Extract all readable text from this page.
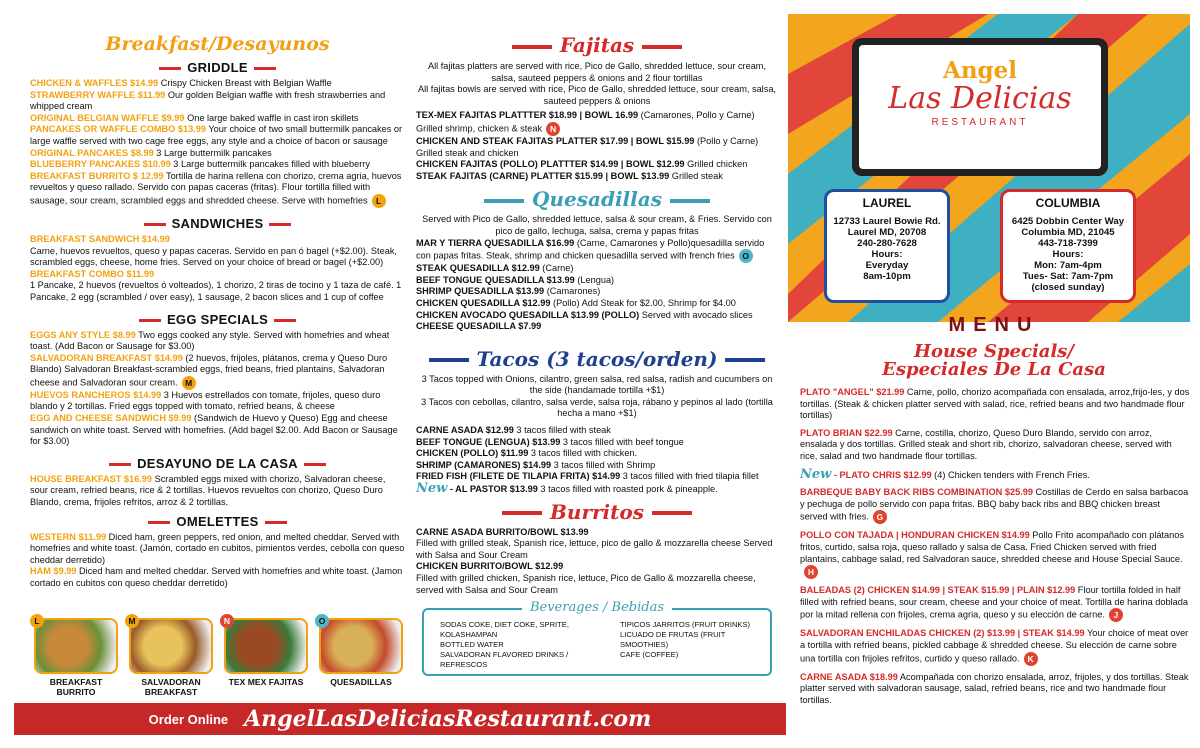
Breakfast/Desayunos
GRIDDLE

CHICKEN & WAFFLES $14.99 Crispy Chicken Breast with Belgian Waffle

STRAWBERRY WAFFLE $11.99 Our golden Belgian waffle with fresh strawberries and whipped cream

ORIGINAL BELGIAN WAFFLE $9.99 One large baked waffle in cast iron skillets

PANCAKES OR WAFFLE COMBO $13.99 Your choice of two small buttermilk pancakes or large waffle served with two cage free eggs, any style and a choice of bacon or sausage

ORIGINAL PANCAKES $8.99 3 Large buttermilk pancakes

BLUEBERRY PANCAKES $10.99 3 Large buttermilk pancakes filled with blueberry

BREAKFAST BURRITO $ 12.99 Tortilla de harina rellena con chorizo, crema agria, huevos revueltos y queso rallado. Servido con papas caceras (fritas). Flour tortilla filled with sausage, sour cream, scrambled eggs and shredded cheese. Serve with homefries L

SANDWICHES

BREAKFAST SANDWICH $14.99
Carne, huevos revueltos, queso y papas caceras. Servido en pan ó bagel (+$2.00). Steak, scrambled eggs, cheese, home fries. Served on your choice of bread or bagel (+$2.00)

BREAKFAST COMBO $11.99
1 Pancake, 2 huevos (revueltos ó volteados), 1 chorizo, 2 tiras de tocino y 1 taza de café. 1 Pancake, 2 egg (scrambled / over easy), 1 sausage, 2 bacon slices and 1 cup of coffee

EGG SPECIALS

EGGS ANY STYLE $8.99 Two eggs cooked any style. Served with homefries and wheat toast. (Add Bacon or Sausage for $3.00)

SALVADORAN BREAKFAST $14.99 (2 huevos, frijoles, plátanos, crema y Queso Duro Blando) Salvadoran Breakfast-scrambled eggs, fried beans, fried plantains, Salvadoran cheese and Salvadoran sour cream. M

HUEVOS RANCHEROS $14.99 3 Huevos estrellados con tomate, frijoles, queso duro blando y 2 tortillas. Fried eggs topped with tomato, refried beans, & cheese

EGG AND CHEESE SANDWICH $9.99 (Sandwich de Huevo y Queso) Egg and cheese sandwich on white toast. Served with homefries. (Add bagel $2.00. Add Bacon or Sausage for $3.00)

DESAYUNO DE LA CASA

HOUSE BREAKFAST $16.99 Scrambled eggs mixed with chorizo, Salvadoran cheese, sour cream, refried beans, rice & 2 tortillas. Huevos revueltos con chorizo, Queso Duro Blando, crema, frijoles refritos, arroz & 2 tortillas.

OMELETTES

WESTERN $11.99 Diced ham, green peppers, red onion, and melted cheddar. Served with homefries and white toast. (Jamón, cortado en cubitos, pimientos verdes, cebolla con queso cheddar derretido)

HAM $9.99 Diced ham and melted cheddar. Served with homefries and white toast. (Jamon cortado en cubitos con queso cheddar derretido)

L
BREAKFAST BURRITO
M
SALVADORAN BREAKFAST
N
TEX MEX FAJITAS
O
QUESADILLAS
Order Online AngelLasDeliciasRestaurant.com
Fajitas

All fajitas platters are served with rice, Pico de Gallo, shredded lettuce, sour cream, salsa, sauteed peppers & onions and 2 flour tortillas

All fajitas bowls are served with rice, Pico de Gallo, shredded lettuce, sour cream, salsa, sauteed peppers & onions

TEX-MEX FAJITAS PLATTTER $18.99 | BOWL 16.99 (Camarones, Pollo y Carne) Grilled shrimp, chicken & steak N

CHICKEN AND STEAK FAJITAS PLATTER $17.99 | BOWL $15.99 (Pollo y Carne) Grilled steak and chicken

CHICKEN FAJITAS (POLLO) PLATTTER $14.99 | BOWL $12.99 Grilled chicken

STEAK FAJITAS (CARNE) PLATTER $15.99 | BOWL $13.99 Grilled steak

Quesadillas

Served with Pico de Gallo, shredded lettuce, salsa & sour cream, & Fries. Servido con pico de gallo, lechuga, salsa, crema y papas fritas

MAR Y TIERRA QUESADILLA $16.99 (Carne, Camarones y Pollo)quesadilla servido con papas fritas. Steak, shrimp and chicken quesadilla served with french fries O

STEAK QUESADILLA $12.99 (Carne)

BEEF TONGUE QUESADILLA $13.99 (Lengua)

SHRIMP QUESADILLA $13.99 (Camarones)

CHICKEN QUESADILLA $12.99 (Pollo) Add Steak for $2.00, Shrimp for $4.00

CHICKEN AVOCADO QUESADILLA $13.99 (POLLO) Served with avocado slices

CHEESE QUESADILLA $7.99

Tacos (3 tacos/orden)

3 Tacos topped with Onions, cilantro, green salsa, red salsa, radish and cucumbers on the side (handamade tortilla +$1)

3 Tacos con cebollas, cilantro, salsa verde, salsa roja, rábano y pepinos al lado (tortilla hecha a mano +$1)

CARNE ASADA $12.99 3 tacos filled with steak

BEEF TONGUE (LENGUA) $13.99 3 tacos filled with beef tongue

CHICKEN (POLLO) $11.99 3 tacos filled with chicken.

SHRIMP (CAMARONES) $14.99 3 tacos filled with Shrimp

FRIED FISH (FILETE DE TILAPIA FRITA) $14.99 3 tacos filled with fried tilapia fillet

New - AL PASTOR $13.99 3 tacos filled with roasted pork & pineapple.

Burritos

CARNE ASADA BURRITO/BOWL $13.99
Filled with grilled steak, Spanish rice, lettuce, pico de gallo & mozzarella cheese Served with Salsa and Sour Cream

CHICKEN BURRITO/BOWL $12.99
Filled with grilled chicken, Spanish rice, lettuce, Pico de Gallo & mozzarella cheese, served with Salsa and Sour Cream

Beverages / Bebidas
SODAS COKE, DIET COKE, SPRITE, KOLASHAMPAN
BOTTLED WATER
SALVADORAN FLAVORED DRINKS / REFRESCOS
TIPICOS JARRITOS (FRUIT DRINKS)
LICUADO DE FRUTAS (FRUIT SMOOTHIES)
CAFE (COFFEE)
Angel
Las Delicias
RESTAURANT
LAUREL
12733 Laurel Bowie Rd.
Laurel MD, 20708
240-280-7628
Hours:
Everyday
8am-10pm
COLUMBIA
6425 Dobbin Center Way
Columbia MD, 21045
443-718-7399
Hours:
Mon: 7am-4pm
Tues- Sat: 7am-7pm
(closed sunday)
MENU
House Specials/
Especiales De La Casa

PLATO "ANGEL" $21.99 Carne, pollo, chorizo acompañada con ensalada, arroz,frijo-les, y dos tortillas. (Steak & chicken platter served with salad, rice, refried beans and two handmade flour tortillas)

PLATO BRIAN $22.99 Carne, costilla, chorizo, Queso Duro Blando, servido con arroz, ensalada y dos tortillas. Grilled steak and short rib, chorizo, salvadoran cheese, served with rice, salad and two handmade flour tortillas.

New - PLATO CHRIS $12.99 (4) Chicken tenders with French Fries.

BARBEQUE BABY BACK RIBS COMBINATION $25.99 Costillas de Cerdo en salsa barbacoa y pechuga de pollo servido con papa fritas. BBQ baby back ribs and BBQ chicken breast served with fries. G

POLLO CON TAJADA | HONDURAN CHICKEN $14.99 Pollo Frito acompañado con plátanos fritos, curtido, salsa roja, queso rallado y salsa de Casa. Fried Chicken served with fried plantains, cabbage salad, red Salvadoran sauce, shredded cheese and House Special Sauce.H

BALEADAS (2) CHICKEN $14.99 | STEAK $15.99 | PLAIN $12.99 Flour tortilla folded in half filled with refried beans, sour cream, cheese and your choice of meat. Tortilla de harina doblada por la mitad rellena con frijoles, crema agria, queso y su elección de carne. J

SALVADORAN ENCHILADAS CHICKEN (2) $13.99 | STEAK $14.99 Your choice of meat over a tortilla with refried beans, pickled cabbage & shredded cheese. Su elección de carne sobre una tortilla con frijoles refritos, curtido y queso rallado. K

CARNE ASADA $18.99 Acompañada con chorizo ensalada, arroz, frijoles, y dos tortillas. Steak platter served with salvadoran sausage, salad, refried beans, rice and two handmade flour tortillas.
